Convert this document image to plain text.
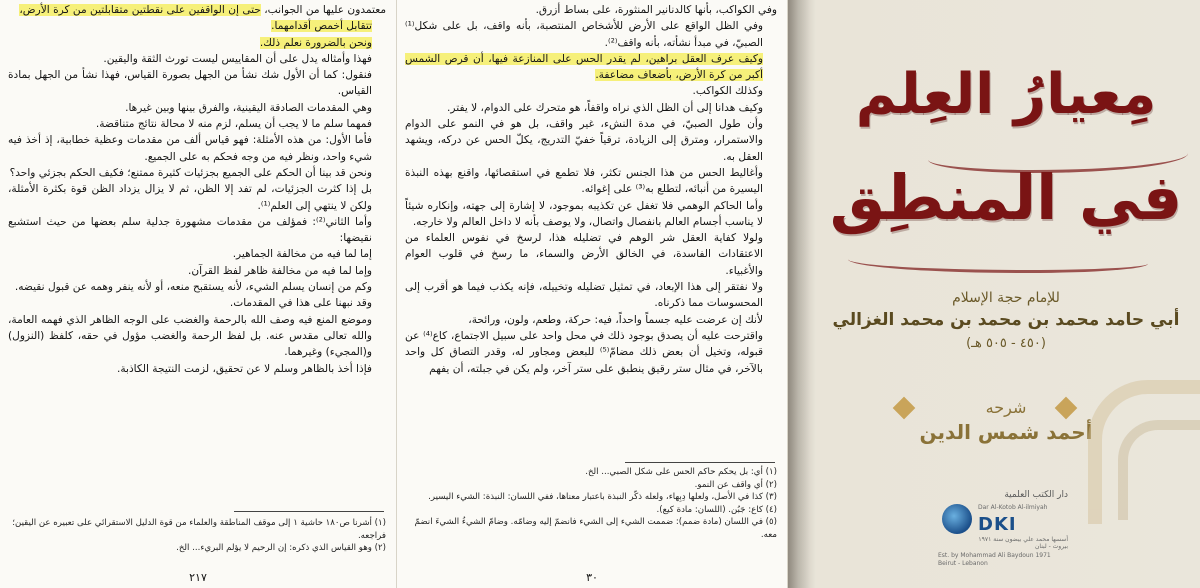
معتمدون عليها من الجوانب، حتى إن الواقفين على نقطتين متقابلتين من كرة الأرض،

تتقابل أخمص أقدامهما.

ونحن بالضرورة نعلم ذلك.

فهذا وأمثاله يدل على أن المقاييس ليست تورث الثقة واليقين.

فنقول: كما أن الأول شك نشأ من الجهل بصورة القياس، فهذا نشأ من الجهل بمادة القياس.

وهي المقدمات الصادقة اليقينية، والفرق بينها وبين غيرها.

فمهما سلم ما لا يجب أن يسلم، لزم منه لا محالة نتائج متناقضة.

فأما الأول: من هذه الأمثلة: فهو قياس ألف من مقدمات وعظية خطابية، إذ أخذ فيه شيء واحد، ونظر فيه من وجه فحكم به على الجميع.

ونحن قد بينا أن الحكم على الجميع بجزئيات كثيرة ممتنع؛ فكيف الحكم بجزئي واحد؟

بل إذا كثرت الجزئيات، لم تفد إلا الظن، ثم لا يزال يزداد الظن قوة بكثرة الأمثلة، ولكن لا ينتهي إلى العلم⁽¹⁾.

وأما الثاني⁽²⁾: فمؤلف من مقدمات مشهورة جدلية سلم بعضها من حيث استشبع نقيضها:

إما لما فيه من مخالفة الجماهير.

وإما لما فيه من مخالفة ظاهر لفظ القرآن.

وكم من إنسان يسلم الشيء، لأنه يستقبح منعه، أو لأنه ينفر وهمه عن قبول نقيضه.

وقد نبهنا على هذا في المقدمات.

وموضع المنع فيه وصف الله بالرحمة والغضب على الوجه الظاهر الذي فهمه العامة، والله تعالى مقدس عنه. بل لفظ الرحمة والغضب مؤول في حقه، كلفظ (النزول) و(المجيء) وغيرهما.

فإذا أخذ بالظاهر وسلم لا عن تحقيق، لزمت النتيجة الكاذبة.

(١) أشرنا ص١٨٠ حاشية ١ إلى موقف المناطقة والعلماء من قوة الدليل الاستقرائي على تعبيره عن اليقين؛ فراجعه.

(٢) وهو القياس الذي ذكره: إن الرحيم لا يؤلم البريء... الخ.

٢١٧

وفي الكواكب، بأنها كالدنانير المنثورة، على بساط أزرق.

وفي الظل الواقع على الأرض للأشخاص المنتصبة، بأنه واقف، بل على شكل⁽¹⁾ الصبيّ، في مبدأ نشأته، بأنه واقف⁽²⁾.

وكيف عرف العقل براهين، لم يقدر الحس على المنازعة فيها، أن قرص الشمس أكبر من كرة الأرض، بأضعاف مضاعفة.

وكذلك الكواكب.

وكيف هدانا إلى أن الظل الذي نراه واقفاً، هو متحرك على الدوام، لا يفتر.

وأن طول الصبيّ، في مدة النشء، غير واقف، بل هو في النمو على الدوام والاستمرار، ومترق إلى الزيادة، ترقياً خفيّ التدريج، يكلّ الحس عن دركه، ويشهد العقل به.

وأغاليط الحس من هذا الجنس تكثر، فلا تطمع في استقصائها، واقنع بهذه النبذة اليسيرة من أنبائه، لتطلع به⁽³⁾ على إغوائه.

وأما الحاكم الوهمي فلا تغفل عن تكذيبه بموجود، لا إشارة إلى جهته، وإنكاره شيئاً لا يناسب أجسام العالم بانفصال واتصال، ولا يوصف بأنه لا داخل العالم ولا خارجه.

ولولا كفاية العقل شر الوهم في تضليله هذا، لرسخ في نفوس العلماء من الاعتقادات الفاسدة، في الخالق الأرض والسماء، ما رسخ في قلوب العوام والأغبياء.

ولا نفتقر إلى هذا الإبعاد، في تمثيل تضليله وتخييله، فإنه يكذب فيما هو أقرب إلى المحسوسات مما ذكرناه.

لأنك إن عرضت عليه جسماً واحداً، فيه: حركة، وطعم، ولون، ورائحة،

واقترحت عليه أن يصدق بوجود ذلك في محل واحد على سبيل الاجتماع، كاع⁽⁴⁾ عن قبوله، وتخيل أن بعض ذلك مضامّ⁽⁵⁾ للبعض ومجاور له، وقدر التصاق كل واحد بالآخر، في مثال ستر رقيق ينطبق على ستر آخر، ولم يكن في جبلته، أن يفهم

(١) أي: بل يحكم حاكم الحس على شكل الصبي... الخ.

(٢) أي واقف عن النمو.

(٣) كذا في الأصل، ولعلها دِبِهاء، ولعله ذكّر النبذة باعتبار معناها، ففي اللسان: النبذة: الشيء اليسير.

(٤) كاع: جَبُن. (اللسان: مادة كيع).

(٥) في اللسان (مادة ضمم): ضممت الشيء إلى الشيء فانضمّ إليه وضامّه. وضامّ الشيءُ الشيءَ انضمّ معه.

٣٠
مِعيارُ العِلم
في المنطِق
للإمام حجة الإسلام
أبي حامد محمد بن محمد بن محمد الغزالي
(٤٥٠ - ٥٠٥ هـ)
شرحه
أحمد شمس الدين
دار الكتب العلمية
Dar Al-Kotob Al-ilmiyah
DKI
أسسها محمد علي بيضون سنة ١٩٧١ بيروت - لبنان
Est. by Mohammad Ali Baydoun 1971 Beirut - Lebanon
